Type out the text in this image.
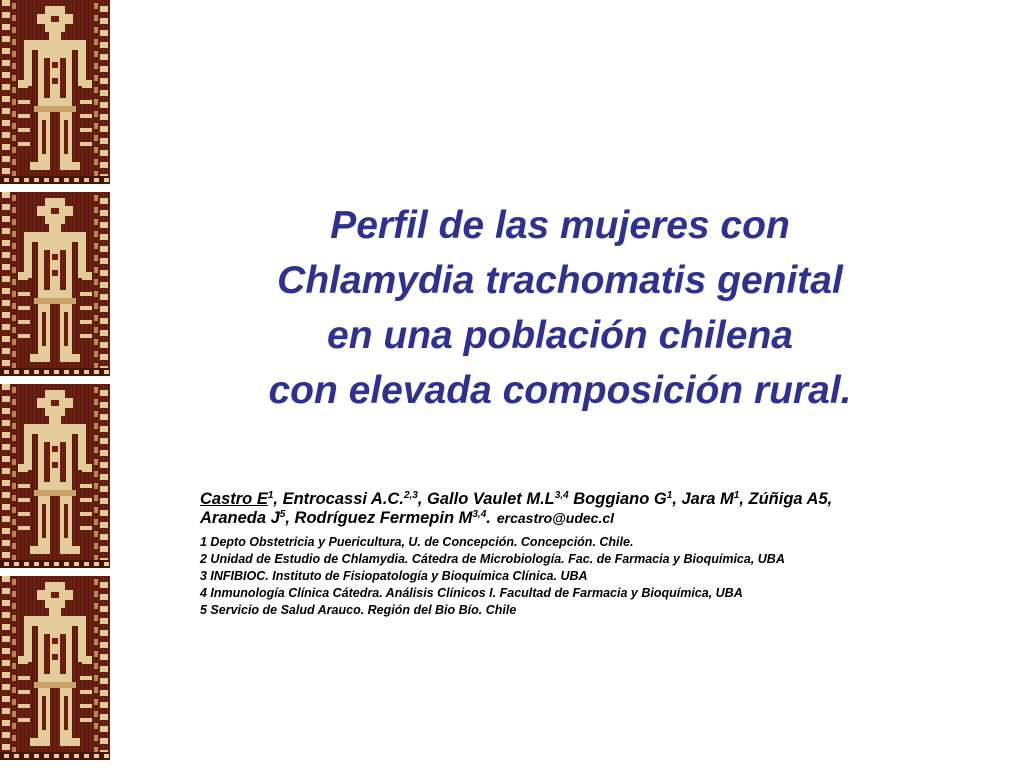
Perfil de las mujeres con
Chlamydia trachomatis genital
en una población chilena
con elevada composición rural.
Castro $E^1$, Entrocassi A.C.$^{2,3}$, Gallo Vaulet $M.L^{3,4}$ Boggiano $G^1$, Jara $M^1$, Zúñiga A5,
Araneda $J^5$, Rodríguez Fermepin M$^{3,4}$. ercastro@udec.cl
1 Depto Obstetricia y Puericultura, U. de Concepción. Concepción. Chile.
2 Unidad de Estudio de Chlamydia. Cátedra de Microbiología. Fac. de Farmacia y Bioquímica, UBA
3 INFIBIOC. Instituto de Fisiopatología y Bioquímica Clínica. UBA
4 Inmunología Clínica Cátedra. Análisis Clínicos I. Facultad de Farmacia y Bioquímica, UBA
5 Servicio de Salud Arauco. Región del Bio Bío. Chile
